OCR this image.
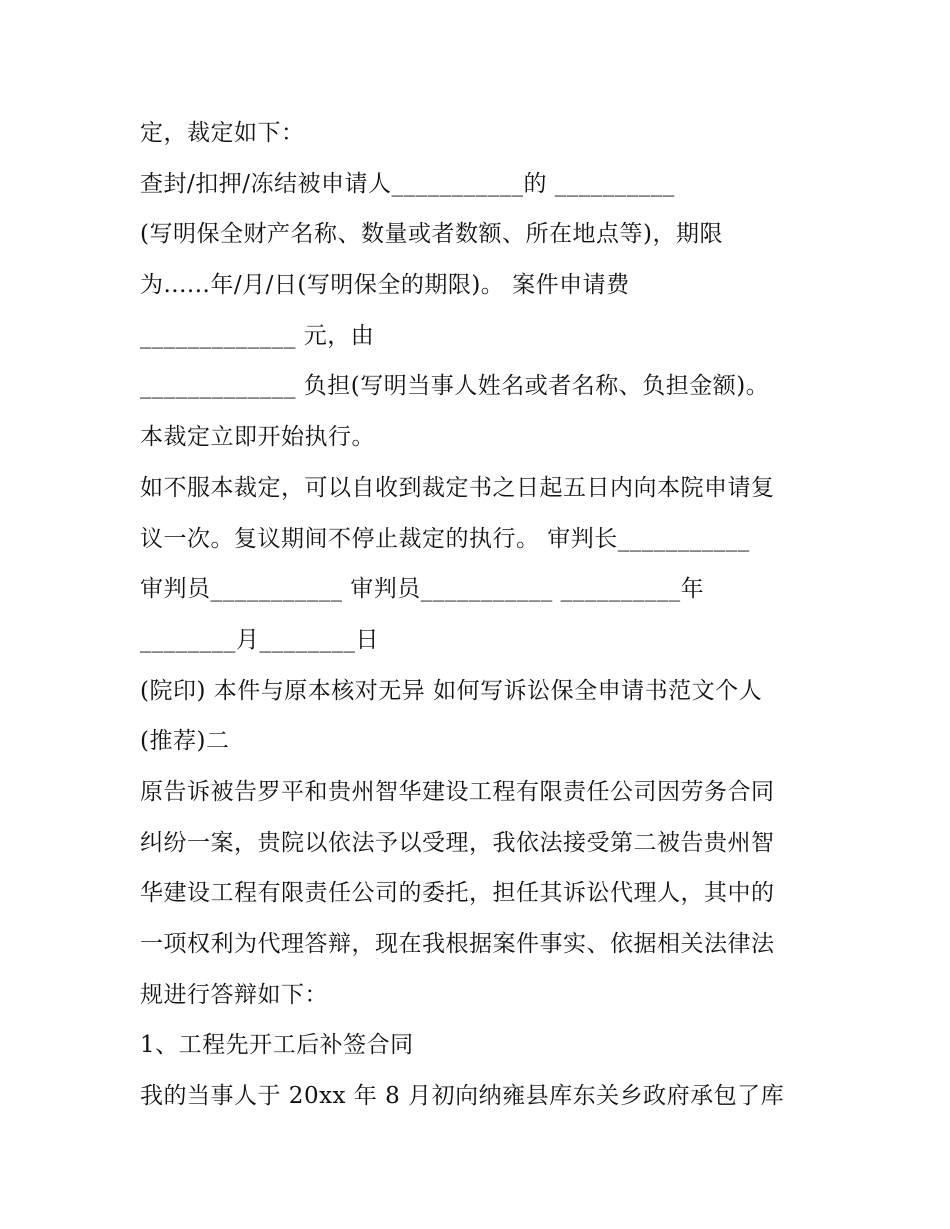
定，裁定如下：
查封/扣押/冻结被申请人___________的 __________
(写明保全财产名称、数量或者数额、所在地点等)，期限
为......年/月/日(写明保全的期限)。 案件申请费
_____________ 元，由
_____________ 负担(写明当事人姓名或者名称、负担金额)。
本裁定立即开始执行。
如不服本裁定，可以自收到裁定书之日起五日内向本院申请复
议一次。复议期间不停止裁定的执行。 审判长___________
审判员___________ 审判员___________ __________年
________月________日
(院印) 本件与原本核对无异 如何写诉讼保全申请书范文个人
(推荐)二
原告诉被告罗平和贵州智华建设工程有限责任公司因劳务合同
纠纷一案，贵院以依法予以受理，我依法接受第二被告贵州智
华建设工程有限责任公司的委托，担任其诉讼代理人，其中的
一项权利为代理答辩，现在我根据案件事实、依据相关法律法
规进行答辩如下：
1、工程先开工后补签合同
我的当事人于 20xx 年 8 月初向纳雍县库东关乡政府承包了库
